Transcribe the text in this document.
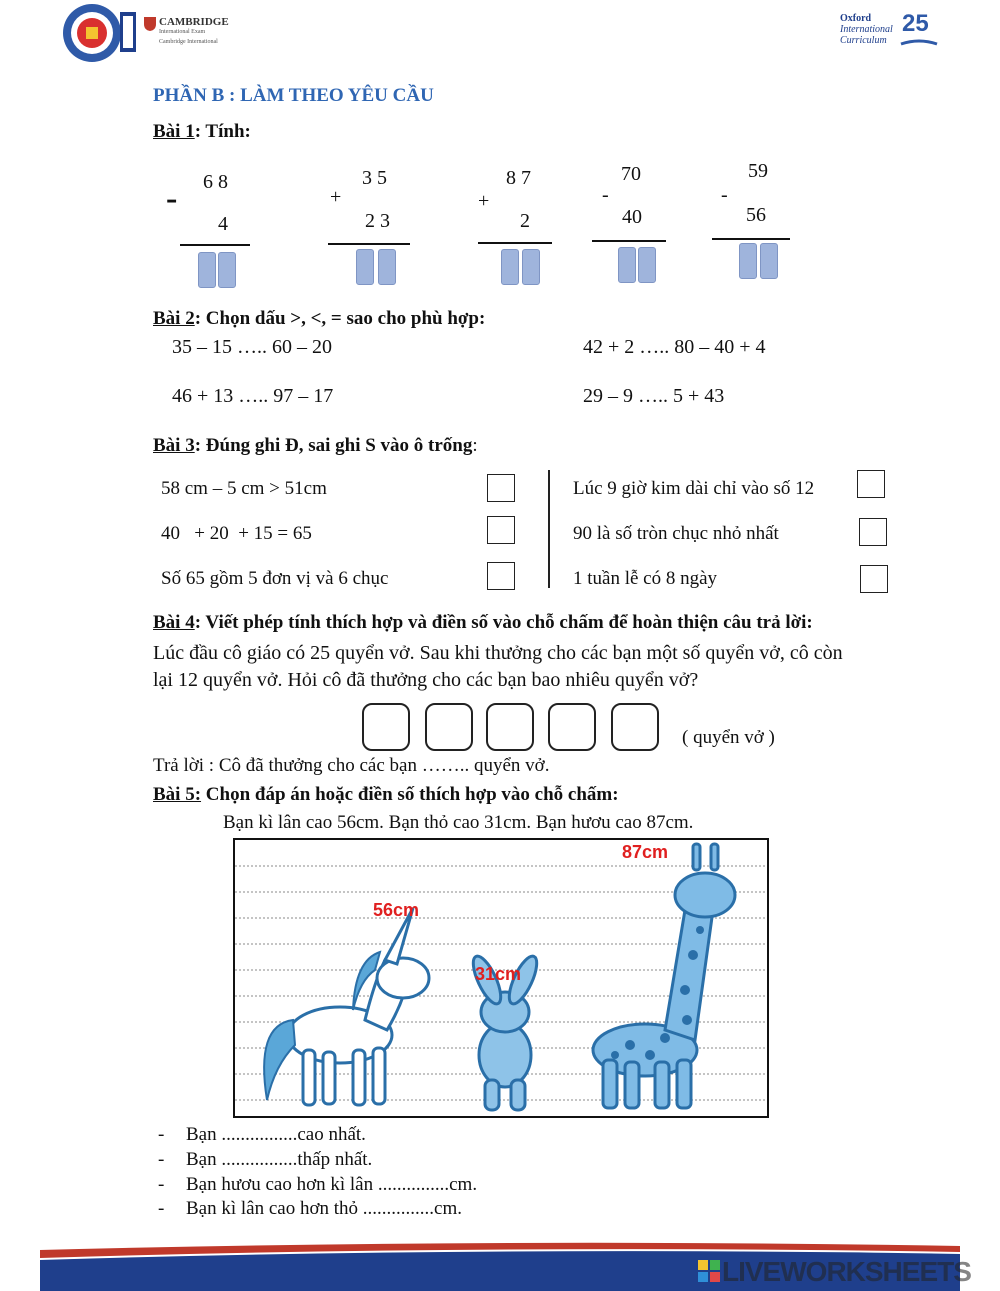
CAMBRIDGE
International Exam
Cambridge International
Oxford
International
Curriculum
25
PHẦN B : LÀM THEO YÊU CẦU
Bài 1: Tính:
- 6 8
4
+
3 5
2 3
+
8 7
2
-
70
40
-
59
56
Bài 2: Chọn dấu >, <, = sao cho phù hợp:
35 – 15 ….. 60 – 20	42 + 2 ….. 80 – 40 + 4
46 + 13 ….. 97 – 17	29 – 9 ….. 5 + 43
Bài 3: Đúng ghi Đ, sai ghi S vào ô trống:
58 cm – 5 cm > 51cm
40   + 20  + 15 = 65
Số 65 gồm 5 đơn vị và 6 chục
Lúc 9 giờ kim dài chỉ vào số 12
90 là số tròn chục nhỏ nhất
1 tuần lễ có 8 ngày
Bài 4: Viết phép tính thích hợp và điền số vào chỗ chấm để hoàn thiện câu trả lời:
Lúc đầu cô giáo có 25 quyển vở. Sau khi thưởng cho các bạn một số quyển vở, cô còn
lại 12 quyển vở. Hỏi cô đã thưởng cho các bạn bao nhiêu quyển vở?
( quyển vở )
Trả lời : Cô đã thưởng cho các bạn …….. quyển vở.
Bài 5: Chọn đáp án hoặc điền số thích hợp vào chỗ chấm:
Bạn kì lân cao 56cm. Bạn thỏ cao 31cm. Bạn hươu cao 87cm.
56cm
31cm
87cm
- Bạn ................cao nhất.
- Bạn ................thấp nhất.
- Bạn hươu cao hơn kì lân ...............cm.
- Bạn kì lân cao hơn thỏ ...............cm.
LIVEWORKSHEETS
